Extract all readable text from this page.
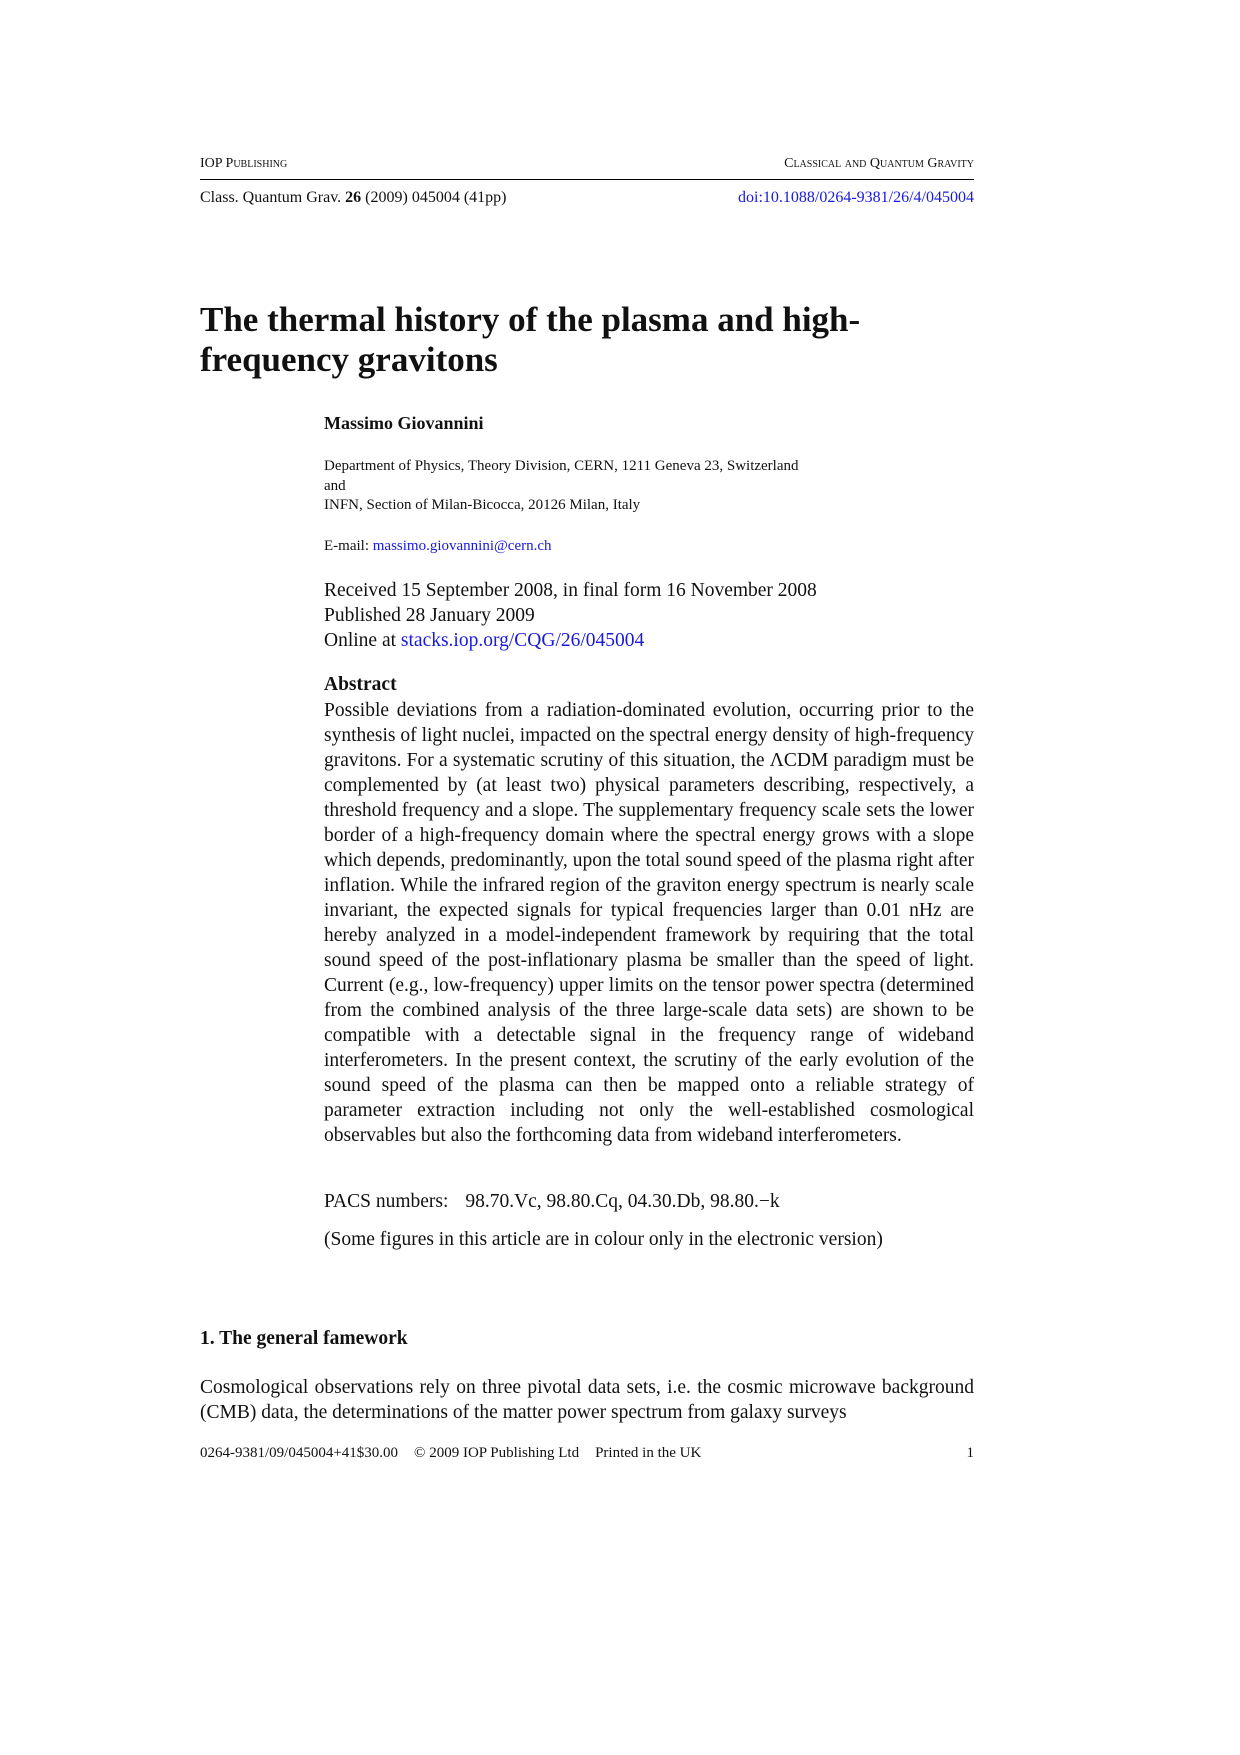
IOP Publishing	Classical and Quantum Gravity
Class. Quantum Grav. 26 (2009) 045004 (41pp)	doi:10.1088/0264-9381/26/4/045004
The thermal history of the plasma and high-frequency gravitons
Massimo Giovannini
Department of Physics, Theory Division, CERN, 1211 Geneva 23, Switzerland
and
INFN, Section of Milan-Bicocca, 20126 Milan, Italy
E-mail: massimo.giovannini@cern.ch
Received 15 September 2008, in final form 16 November 2008
Published 28 January 2009
Online at stacks.iop.org/CQG/26/045004
Abstract
Possible deviations from a radiation-dominated evolution, occurring prior to the synthesis of light nuclei, impacted on the spectral energy density of high-frequency gravitons. For a systematic scrutiny of this situation, the ΛCDM paradigm must be complemented by (at least two) physical parameters describing, respectively, a threshold frequency and a slope. The supplementary frequency scale sets the lower border of a high-frequency domain where the spectral energy grows with a slope which depends, predominantly, upon the total sound speed of the plasma right after inflation. While the infrared region of the graviton energy spectrum is nearly scale invariant, the expected signals for typical frequencies larger than 0.01 nHz are hereby analyzed in a model-independent framework by requiring that the total sound speed of the post-inflationary plasma be smaller than the speed of light. Current (e.g., low-frequency) upper limits on the tensor power spectra (determined from the combined analysis of the three large-scale data sets) are shown to be compatible with a detectable signal in the frequency range of wideband interferometers. In the present context, the scrutiny of the early evolution of the sound speed of the plasma can then be mapped onto a reliable strategy of parameter extraction including not only the well-established cosmological observables but also the forthcoming data from wideband interferometers.
PACS numbers: 98.70.Vc, 98.80.Cq, 04.30.Db, 98.80.−k
(Some figures in this article are in colour only in the electronic version)
1. The general famework
Cosmological observations rely on three pivotal data sets, i.e. the cosmic microwave background (CMB) data, the determinations of the matter power spectrum from galaxy surveys
0264-9381/09/045004+41$30.00 © 2009 IOP Publishing Ltd Printed in the UK	1
